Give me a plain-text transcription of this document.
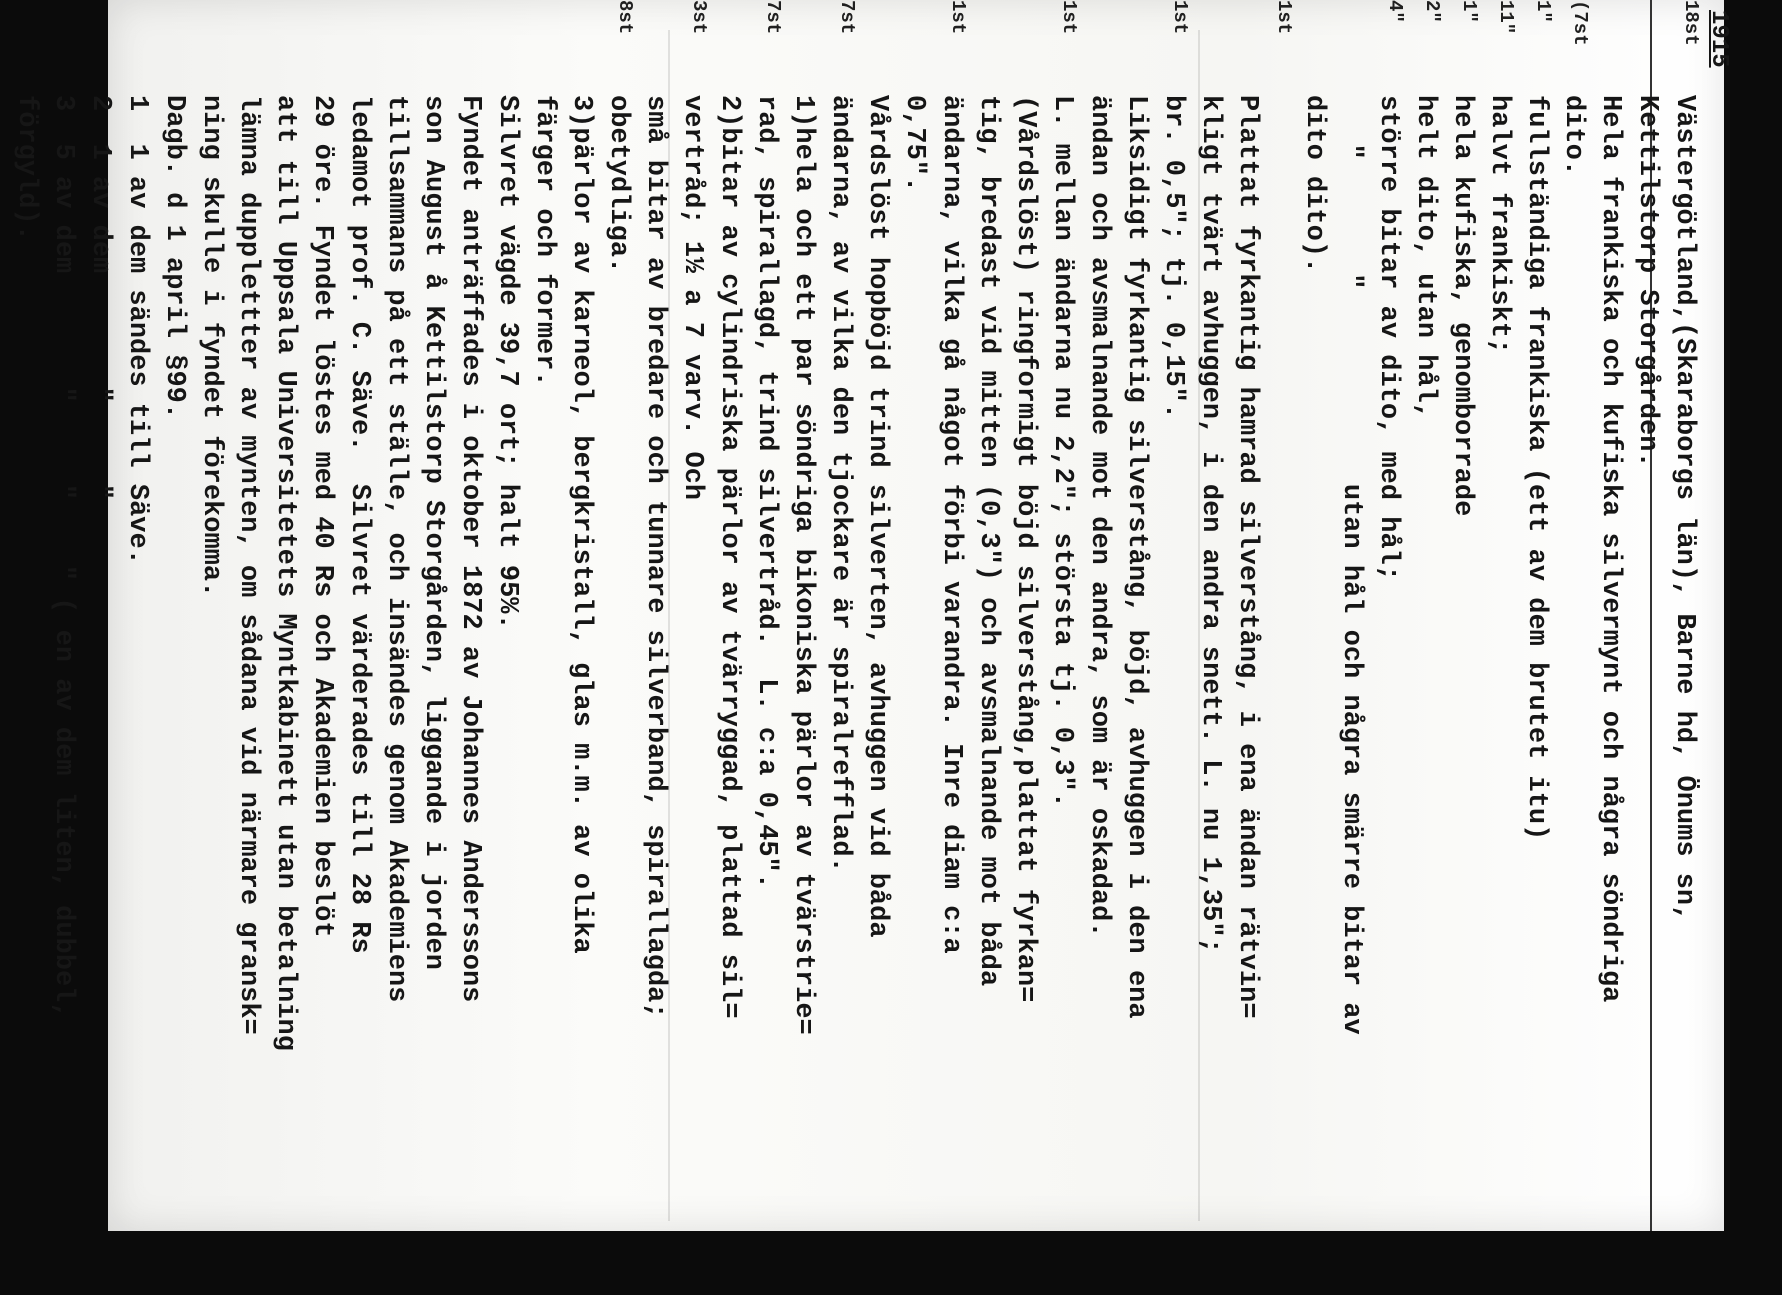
1915
18st
(7st
1"
11"
1"
2"
4"
1st
1st
1st
1st
7st
7st
3st
8st
Västergötland,(Skaraborgs län), Barne hd, Önums sn,
Kettilstorp Storgården.
Hela frankiska och kufiska silvermynt och några söndriga
dito.
fullständiga frankiska (ett av dem brutet itu)
halvt frankiskt;
hela kufiska, genomborrade
helt dito, utan hål,
större bitar av dito, med hål;
"       "            utan hål och några smärre bitar av
dito dito).
Plattat fyrkantig hamrad silverstång, i ena ändan rätvin=
kligt tvärt avhuggen, i den andra snett. L. nu 1,35";
br. 0,5"; tj. 0,15".
Liksidigt fyrkantig silverstång, böjd, avhuggen i den ena
ändan och avsmalnande mot den andra, som är oskadad.
L. mellan ändarna nu 2,2"; största tj. 0,3".
(Vårdslöst) ringformigt böjd silverstång,plattat fyrkan=
tig, bredast vid mitten (0,3") och avsmalnande mot båda
ändarna, vilka gå något förbi varandra. Inre diam c:a
0,75".
Vårdslöst hopböjd trind silverten, avhuggen vid båda
ändarna, av vilka den tjockare är spiralrefflad.
1)hela och ett par söndriga bikoniska pärlor av tvärstrie=
rad, spirallagd, trind silvertråd.  L. c:a 0,45".
2)bitar av cylindriska pärlor av tvärryggad, plattad sil=
vertråd; 1½ a 7 varv. Och
små bitar av bredare och tunnare silverband, spirallagda;
obetydliga.
3)pärlor av karneol, bergkristall, glas m.m. av olika
färger och former.
Silvret vägde 39,7 ort; halt 95%.
Fyndet anträffades i oktober 1872 av Johannes Anderssons
son August å Kettilstorp Storgården, liggande i jorden
tillsammans på ett ställe, och insändes genom Akademiens
ledamot prof. C. Säve.  Silvret värderades till 28 Rs
29 öre. Fyndet löstes med 40 Rs och Akademien beslöt
att till Uppsala Universitetets Myntkabinett utan betalning
lämna dupplettter av mynten, om sådana vid närmare gransk=
ning skulle i fyndet förekomma.
Dagb. d 1 april §99.
1  1 av dem sändes till Säve.
2  1 av dem       "     "
3  5 av dem       "     "    " ( en av dem liten, dubbel,
förgyld).
